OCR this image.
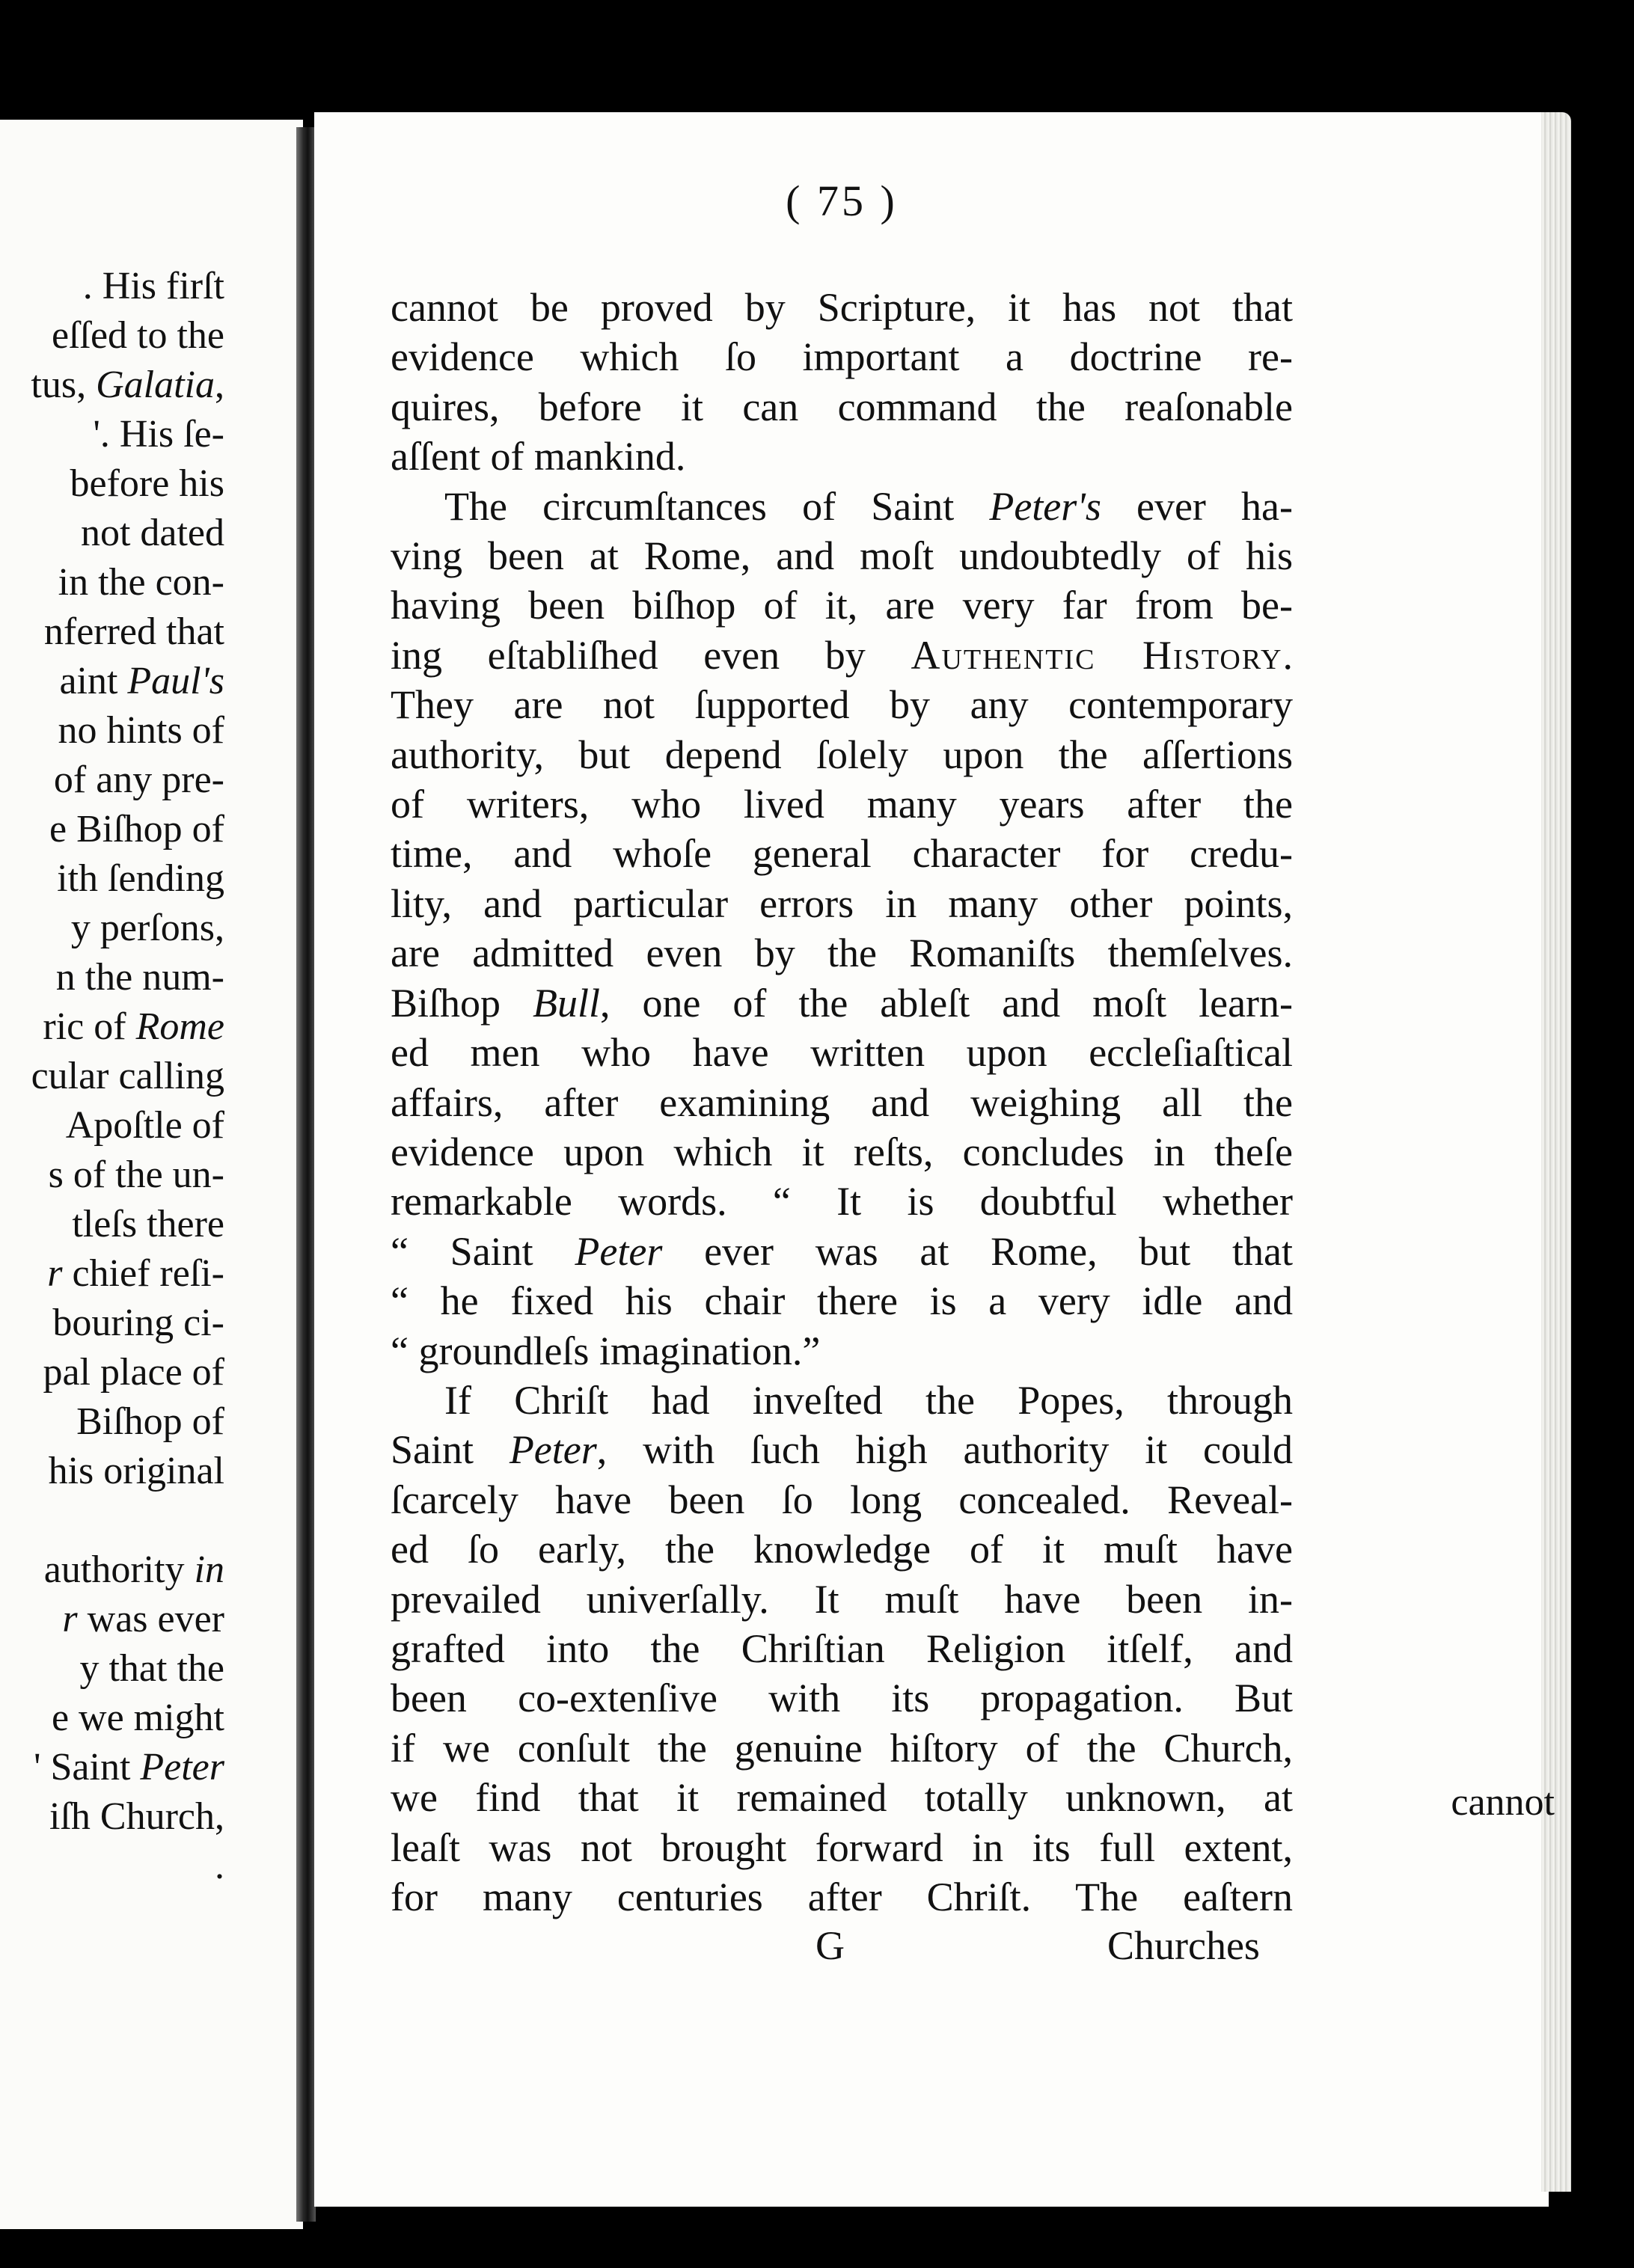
. His firſt
eſſed to the
tus, Galatia,
'. His ſe-
before his
not dated
in the con-
nferred that
aint Paul's
no hints of
of any pre-
e Biſhop of
ith ſending
y perſons,
n the num-
ric of Rome
cular calling
Apoſtle of
s of the un-
tleſs there
r chief reſi-
bouring ci-
pal place of
Biſhop of
his original
authority in
r was ever
y that the
e we might
' Saint Peter
iſh Church,
.
cannot
( 75 )
cannot be proved by Scripture, it has not that
evidence which ſo important a doctrine re-
quires, before it can command the reaſonable
aſſent of mankind.
The circumſtances of Saint Peter's ever ha-
ving been at Rome, and moſt undoubtedly of his
having been biſhop of it, are very far from be-
ing eſtabliſhed even by Authentic History.
They are not ſupported by any contemporary
authority, but depend ſolely upon the aſſertions
of writers, who lived many years after the
time, and whoſe general character for credu-
lity, and particular errors in many other points,
are admitted even by the Romaniſts themſelves.
Biſhop Bull, one of the ableſt and moſt learn-
ed men who have written upon eccleſiaſtical
affairs, after examining and weighing all the
evidence upon which it reſts, concludes in theſe
remarkable words. “ It is doubtful whether
“ Saint Peter ever was at Rome, but that
“ he fixed his chair there is a very idle and
“ groundleſs imagination.”
If Chriſt had inveſted the Popes, through
Saint Peter, with ſuch high authority it could
ſcarcely have been ſo long concealed. Reveal-
ed ſo early, the knowledge of it muſt have
prevailed univerſally. It muſt have been in-
grafted into the Chriſtian Religion itſelf, and
been co-extenſive with its propagation. But
if we conſult the genuine hiſtory of the Church,
we find that it remained totally unknown, at
leaſt was not brought forward in its full extent,
for many centuries after Chriſt. The eaſtern
G	Churches
